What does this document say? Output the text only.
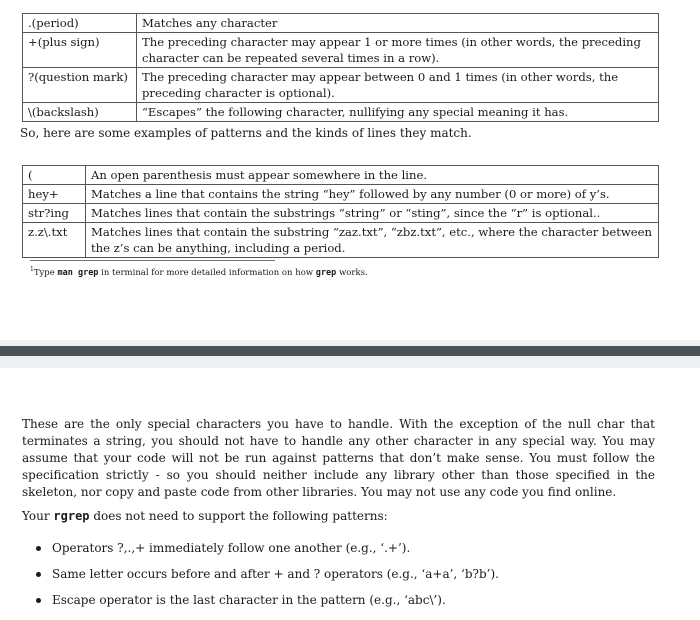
.(period)	Matches any character
+(plus sign)	The preceding character may appear 1 or more times (in other words, the preceding character can be repeated several times in a row).
?(question mark)	The preceding character may appear between 0 and 1 times (in other words, the preceding character is optional).
\(backslash)	“Escapes” the following character, nullifying any special meaning it has.

So, here are some examples of patterns and the kinds of lines they match.

(	An open parenthesis must appear somewhere in the line.
hey+	Matches a line that contains the string “hey” followed by any number (0 or more) of y’s.
str?ing	Matches lines that contain the substrings “string” or “sting”, since the “r” is optional..
z.z\.txt	Matches lines that contain the substring “zaz.txt”, “zbz.txt”, etc., where the character between the z’s can be anything, including a period.
$^1$Type man grep in terminal for more detailed information on how grep works.

These are the only special characters you have to handle. With the exception of the null char that terminates a string, you should not have to handle any other character in any special way. You may assume that your code will not be run against patterns that don’t make sense. You must follow the specification strictly - so you should neither include any library other than those specified in the skeleton, nor copy and paste code from other libraries. You may not use any code you find online.

Your rgrep does not need to support the following patterns:

Operators ?,.,+ immediately follow one another (e.g., ‘.+’).
Same letter occurs before and after + and ? operators (e.g., ‘a+a’, ‘b?b’).
Escape operator is the last character in the pattern (e.g., ‘abc\’).
